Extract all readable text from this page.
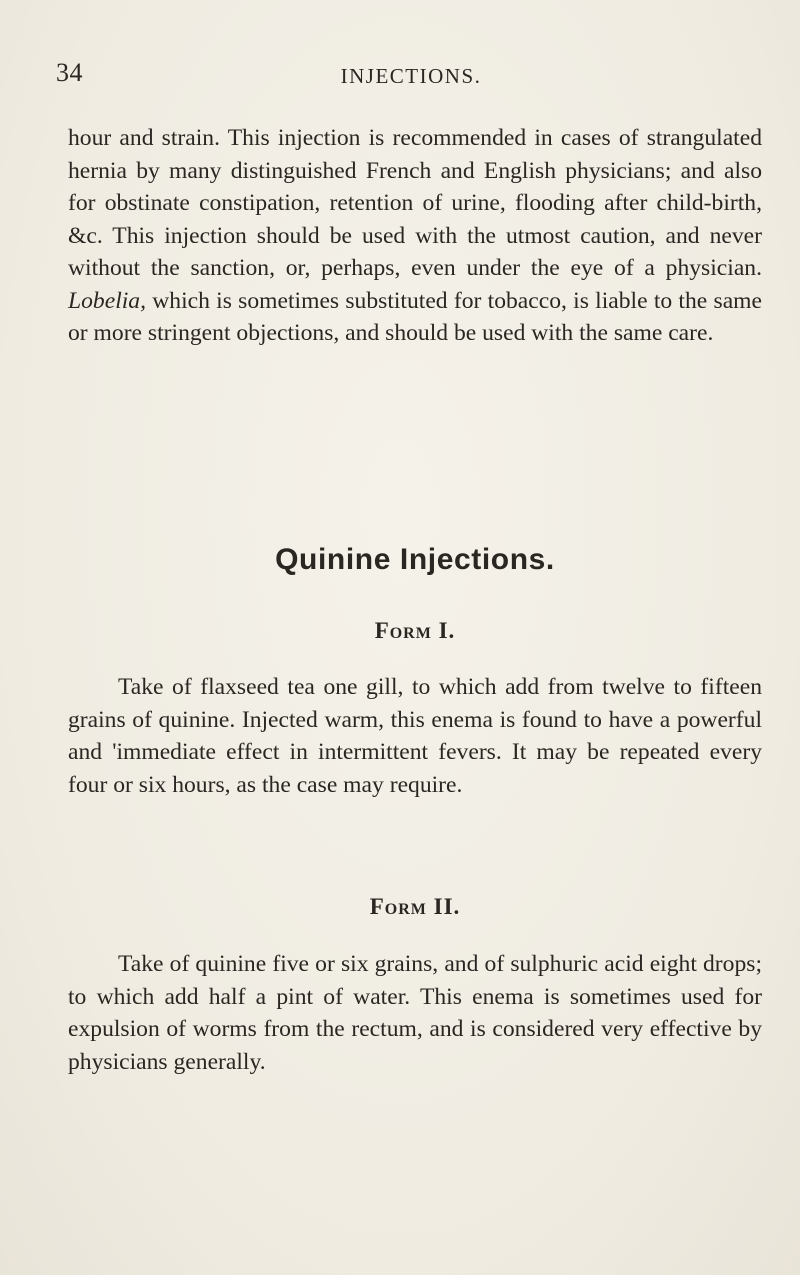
34	INJECTIONS.

hour and strain. This injection is recommended in cases of strangulated hernia by many distinguished French and English physicians; and also for obstinate constipation, retention of urine, flooding after child-birth, &c. This injection should be used with the utmost caution, and never without the sanction, or, perhaps, even under the eye of a physician. Lobelia, which is sometimes substituted for tobacco, is liable to the same or more stringent objections, and should be used with the same care.

Quinine Injections.
Form I.

Take of flaxseed tea one gill, to which add from twelve to fifteen grains of quinine. Injected warm, this enema is found to have a powerful and 'immediate effect in intermittent fevers. It may be repeated every four or six hours, as the case may require.

Form II.

Take of quinine five or six grains, and of sulphuric acid eight drops; to which add half a pint of water. This enema is sometimes used for expulsion of worms from the rectum, and is considered very effective by physicians generally.
